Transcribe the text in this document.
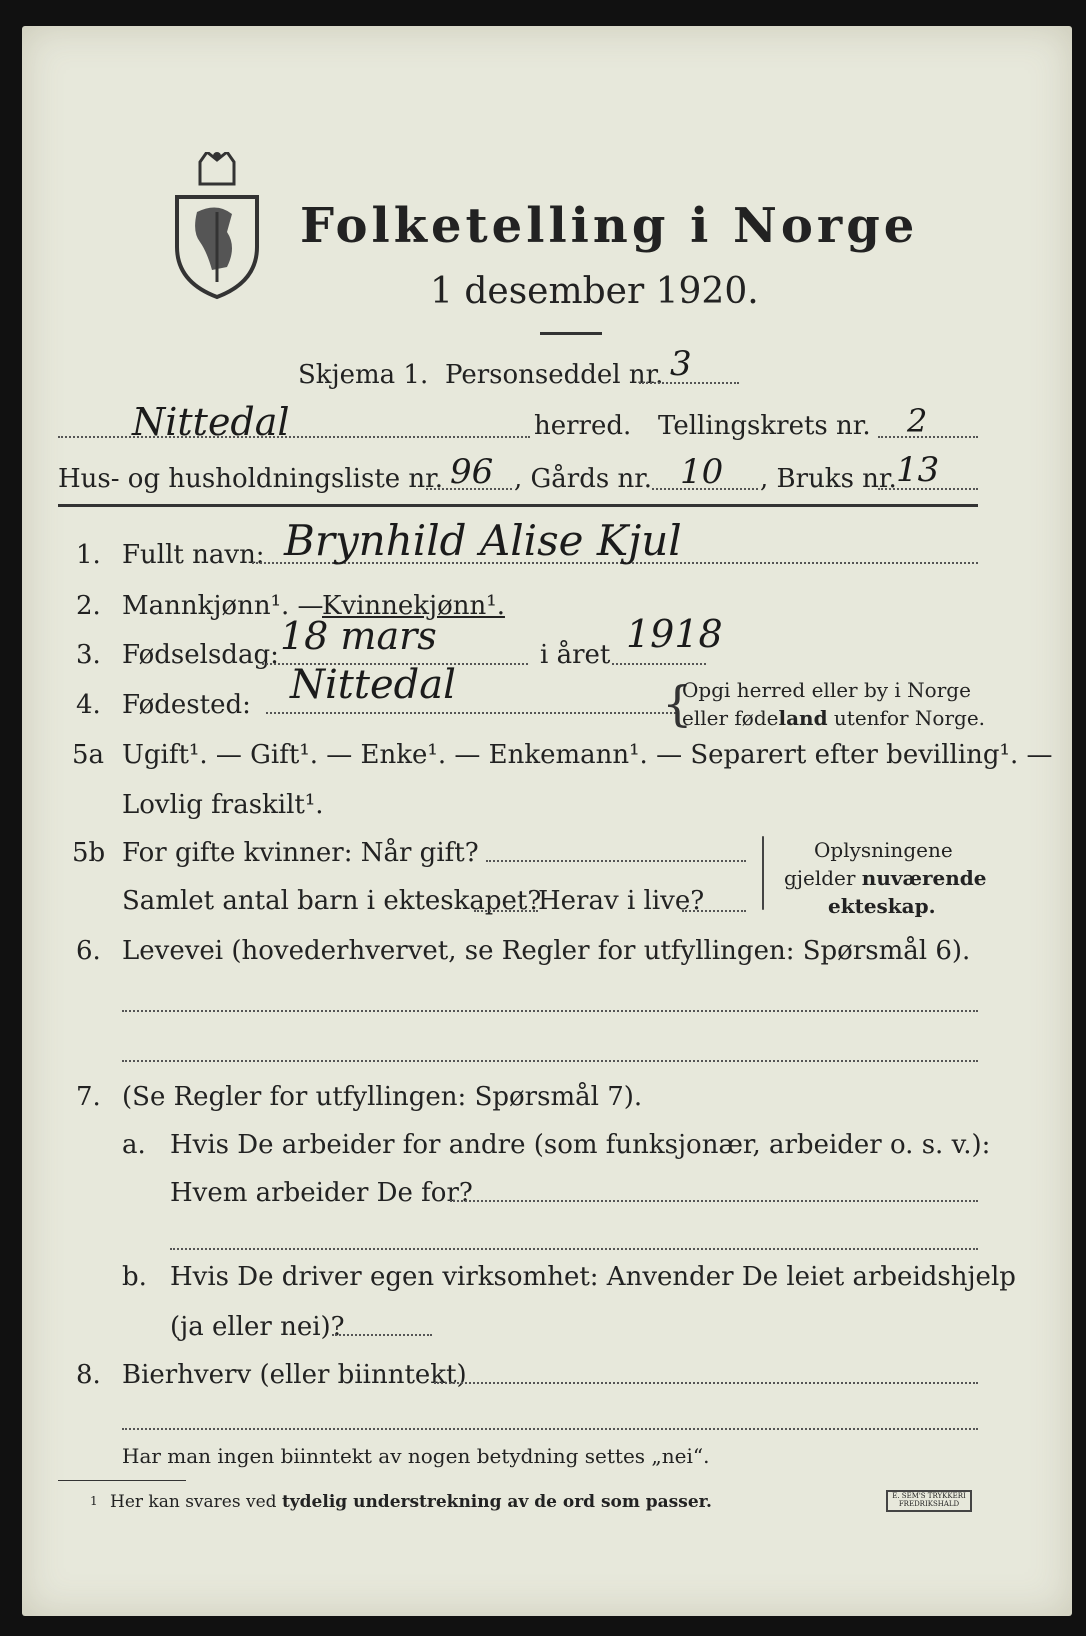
Folketelling i Norge
1 desember 1920.
Skjema 1. Personseddel nr. 3
Nittedal	herred. Tellingskrets nr. 2
Hus- og husholdningsliste nr. 96 , Gårds nr. 10 , Bruks nr. 13
1. Fullt navn: Brynhild Alise Kjul
2. Mannkjønn¹. —
Kvinnekjønn¹.
3. Fødselsdag: 18 mars	i året 1918
4. Fødested: Nittedal	{
Opgi herred eller by i Norge
eller fødeland utenfor Norge.
5a Ugift¹. — Gift¹. — Enke¹. — Enkemann¹. — Separert efter bevilling¹. —
Lovlig fraskilt¹.
5b For gifte kvinner: Når gift?
Samlet antal barn i ekteskapet?
Herav i live?
Oplysningene
gjelder nuværende
ekteskap.
6. Levevei (hovederhvervet, se Regler for utfyllingen: Spørsmål 6).
7. (Se Regler for utfyllingen: Spørsmål 7).
a. Hvis De arbeider for andre (som funksjonær, arbeider o. s. v.):
Hvem arbeider De for?
b. Hvis De driver egen virksomhet: Anvender De leiet arbeidshjelp
(ja eller nei)?
8. Bierhverv (eller biinntekt)
Har man ingen biinntekt av nogen betydning settes „nei“.
1 Her kan svares ved tydelig understrekning av de ord som passer.	E. SEM'S TRYKKERI
FREDRIKSHALD
